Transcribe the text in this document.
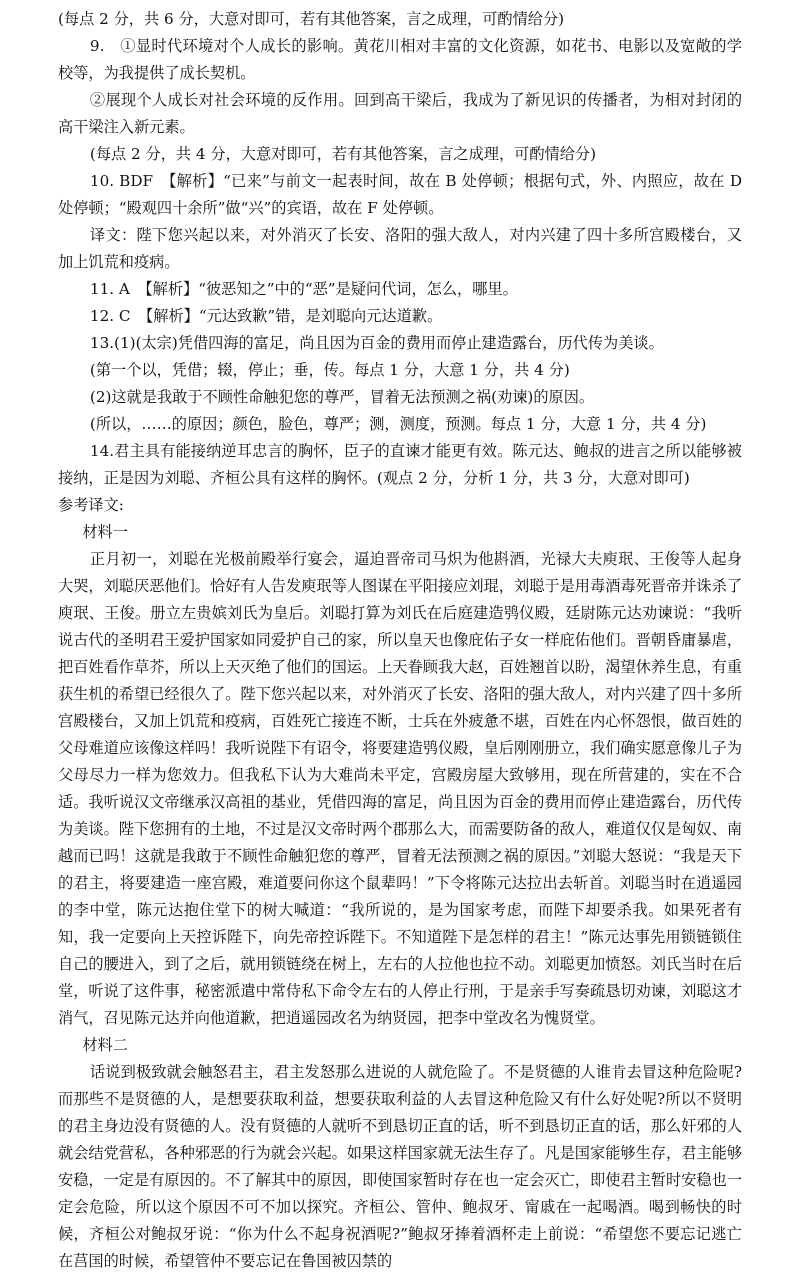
(每点 2 分，共 6 分，大意对即可，若有其他答案，言之成理，可酌情给分)

9.　①显时代环境对个人成长的影响。黄花川相对丰富的文化资源，如花书、电影以及宽敞的学校等，为我提供了成长契机。

②展现个人成长对社会环境的反作用。回到高干梁后，我成为了新见识的传播者，为相对封闭的高干梁注入新元素。

(每点 2 分，共 4 分，大意对即可，若有其他答案，言之成理，可酌情给分)

10. BDF　【解析】“已来”与前文一起表时间，故在 B 处停顿；根据句式，外、内照应，故在 D 处停顿；“殿观四十余所”做“兴”的宾语，故在 F 处停顿。

译文：陛下您兴起以来，对外消灭了长安、洛阳的强大敌人，对内兴建了四十多所宫殿楼台，又加上饥荒和疫病。

11. A　【解析】“彼恶知之”中的“恶”是疑问代词，怎么，哪里。

12. C　【解析】“元达致歉”错，是刘聪向元达道歉。

13.(1)(太宗)凭借四海的富足，尚且因为百金的费用而停止建造露台，历代传为美谈。

(第一个以，凭借；辍，停止；垂，传。每点 1 分，大意 1 分，共 4 分)

(2)这就是我敢于不顾性命触犯您的尊严，冒着无法预测之祸(劝谏)的原因。

(所以，……的原因；颜色，脸色，尊严；测，测度，预测。每点 1 分，大意 1 分，共 4 分)

14.君主具有能接纳逆耳忠言的胸怀，臣子的直谏才能更有效。陈元达、鲍叔的进言之所以能够被接纳，正是因为刘聪、齐桓公具有这样的胸怀。(观点 2 分，分析 1 分，共 3 分，大意对即可)

参考译文:

材料一

正月初一，刘聪在光极前殿举行宴会，逼迫晋帝司马炽为他斟酒，光禄大夫庾珉、王俊等人起身大哭，刘聪厌恶他们。恰好有人告发庾珉等人图谋在平阳接应刘琨，刘聪于是用毒酒毒死晋帝并诛杀了庾珉、王俊。册立左贵嫔刘氏为皇后。刘聪打算为刘氏在后庭建造鸮仪殿，廷尉陈元达劝谏说：“我听说古代的圣明君王爱护国家如同爱护自己的家，所以皇天也像庇佑子女一样庇佑他们。晋朝昏庸暴虐，把百姓看作草芥，所以上天灭绝了他们的国运。上天眷顾我大赵，百姓翘首以盼，渴望休养生息，有重获生机的希望已经很久了。陛下您兴起以来，对外消灭了长安、洛阳的强大敌人，对内兴建了四十多所宫殿楼台，又加上饥荒和疫病，百姓死亡接连不断，士兵在外疲惫不堪，百姓在内心怀怨恨，做百姓的父母难道应该像这样吗！我听说陛下有诏令，将要建造鸮仪殿，皇后刚刚册立，我们确实愿意像儿子为父母尽力一样为您效力。但我私下认为大难尚未平定，宫殿房屋大致够用，现在所营建的，实在不合适。我听说汉文帝继承汉高祖的基业，凭借四海的富足，尚且因为百金的费用而停止建造露台，历代传为美谈。陛下您拥有的土地，不过是汉文帝时两个郡那么大，而需要防备的敌人，难道仅仅是匈奴、南越而已吗！这就是我敢于不顾性命触犯您的尊严，冒着无法预测之祸的原因。”刘聪大怒说：“我是天下的君主，将要建造一座宫殿，难道要问你这个鼠辈吗！”下令将陈元达拉出去斩首。刘聪当时在逍遥园的李中堂，陈元达抱住堂下的树大喊道：“我所说的，是为国家考虑，而陛下却要杀我。如果死者有知，我一定要向上天控诉陛下，向先帝控诉陛下。不知道陛下是怎样的君主！”陈元达事先用锁链锁住自己的腰进入，到了之后，就用锁链绕在树上，左右的人拉他也拉不动。刘聪更加愤怒。刘氏当时在后堂，听说了这件事，秘密派遣中常侍私下命令左右的人停止行刑，于是亲手写奏疏恳切劝谏，刘聪这才消气，召见陈元达并向他道歉，把逍遥园改名为纳贤园，把李中堂改名为愧贤堂。

材料二

话说到极致就会触怒君主，君主发怒那么进说的人就危险了。不是贤德的人谁肯去冒这种危险呢?而那些不是贤德的人，是想要获取利益，想要获取利益的人去冒这种危险又有什么好处呢?所以不贤明的君主身边没有贤德的人。没有贤德的人就听不到恳切正直的话，听不到恳切正直的话，那么奸邪的人就会结党营私，各种邪恶的行为就会兴起。如果这样国家就无法生存了。凡是国家能够生存，君主能够安稳，一定是有原因的。不了解其中的原因，即使国家暂时存在也一定会灭亡，即使君主暂时安稳也一定会危险，所以这个原因不可不加以探究。齐桓公、管仲、鲍叔牙、甯戚在一起喝酒。喝到畅快的时候，齐桓公对鲍叔牙说：“你为什么不起身祝酒呢?”鲍叔牙捧着酒杯走上前说：“希望您不要忘记逃亡在莒国的时候，希望管仲不要忘记在鲁国被囚禁的
